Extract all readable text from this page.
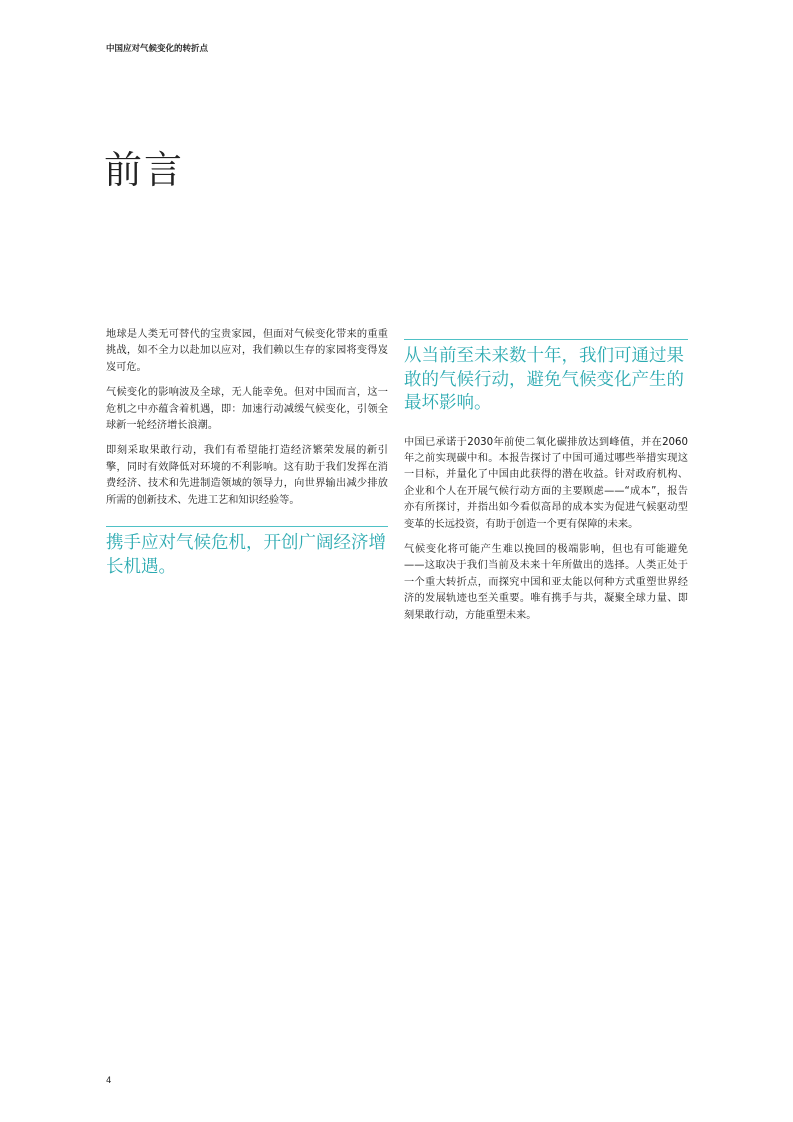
中国应对气候变化的转折点
前言

地球是人类无可替代的宝贵家园，但面对气候变化带来的重重挑战，如不全力以赴加以应对，我们赖以生存的家园将变得岌岌可危。

气候变化的影响波及全球，无人能幸免。但对中国而言，这一危机之中亦蕴含着机遇，即：加速行动减缓气候变化，引领全球新一轮经济增长浪潮。

即刻采取果敢行动，我们有希望能打造经济繁荣发展的新引擎，同时有效降低对环境的不利影响。这有助于我们发挥在消费经济、技术和先进制造领域的领导力，向世界输出减少排放所需的创新技术、先进工艺和知识经验等。

携手应对气候危机，开创广阔经济增长机遇。

从当前至未来数十年，我们可通过果敢的气候行动，避免气候变化产生的最坏影响。

中国已承诺于2030年前使二氧化碳排放达到峰值，并在2060年之前实现碳中和。本报告探讨了中国可通过哪些举措实现这一目标，并量化了中国由此获得的潜在收益。针对政府机构、企业和个人在开展气候行动方面的主要顾虑——“成本”，报告亦有所探讨，并指出如今看似高昂的成本实为促进气候驱动型变革的长远投资，有助于创造一个更有保障的未来。

气候变化将可能产生难以挽回的极端影响，但也有可能避免——这取决于我们当前及未来十年所做出的选择。人类正处于一个重大转折点，而探究中国和亚太能以何种方式重塑世界经济的发展轨迹也至关重要。唯有携手与共，凝聚全球力量、即刻果敢行动，方能重塑未来。

4
